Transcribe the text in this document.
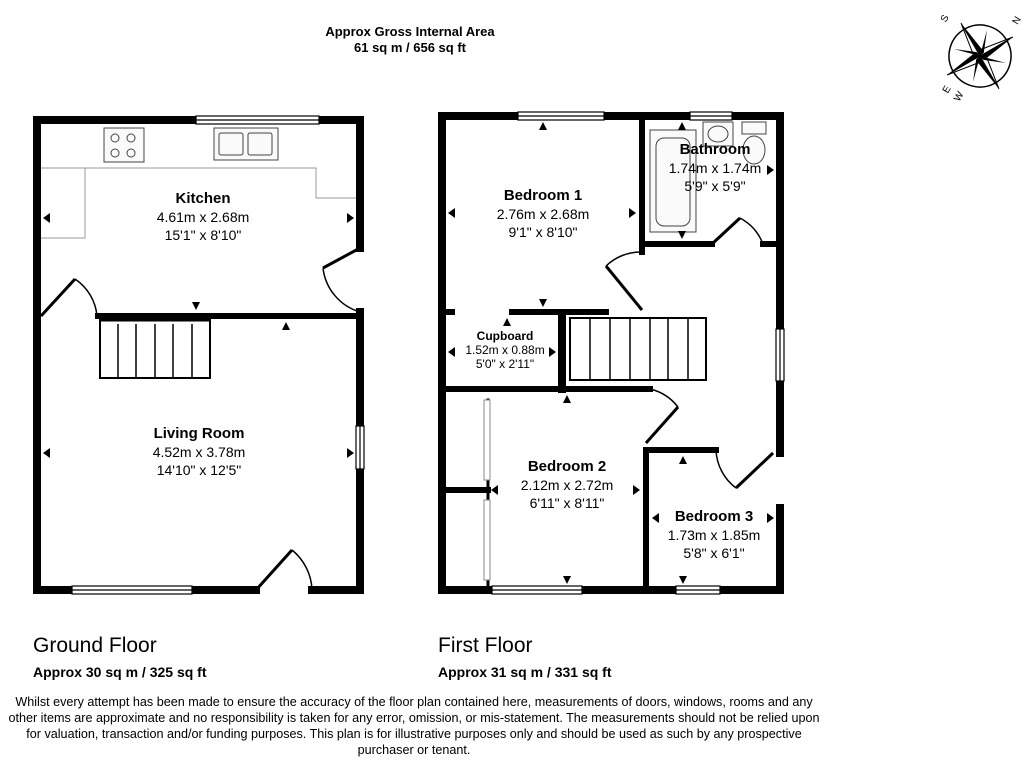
S
W
E
N
Approx Gross Internal Area
61 sq m / 656 sq ft
Kitchen
4.61m x 2.68m
15'1" x 8'10"
Living Room
4.52m x 3.78m
14'10" x 12'5"
Bedroom 1
2.76m x 2.68m
9'1" x 8'10"
Bathroom
1.74m x 1.74m
5'9" x 5'9"
Cupboard
1.52m x 0.88m
5'0" x 2'11"
Bedroom 2
2.12m x 2.72m
6'11" x 8'11"
Bedroom 3
1.73m x 1.85m
5'8" x 6'1"
Ground Floor
Approx 30 sq m / 325 sq ft
First Floor
Approx 31 sq m / 331 sq ft
Whilst every attempt has been made to ensure the accuracy of the floor plan contained here, measurements of doors, windows, rooms and any other items are approximate and no responsibility is taken for any error, omission, or mis-statement. The measurements should not be relied upon for valuation, transaction and/or funding purposes. This plan is for illustrative purposes only and should be used as such by any prospective purchaser or tenant.
